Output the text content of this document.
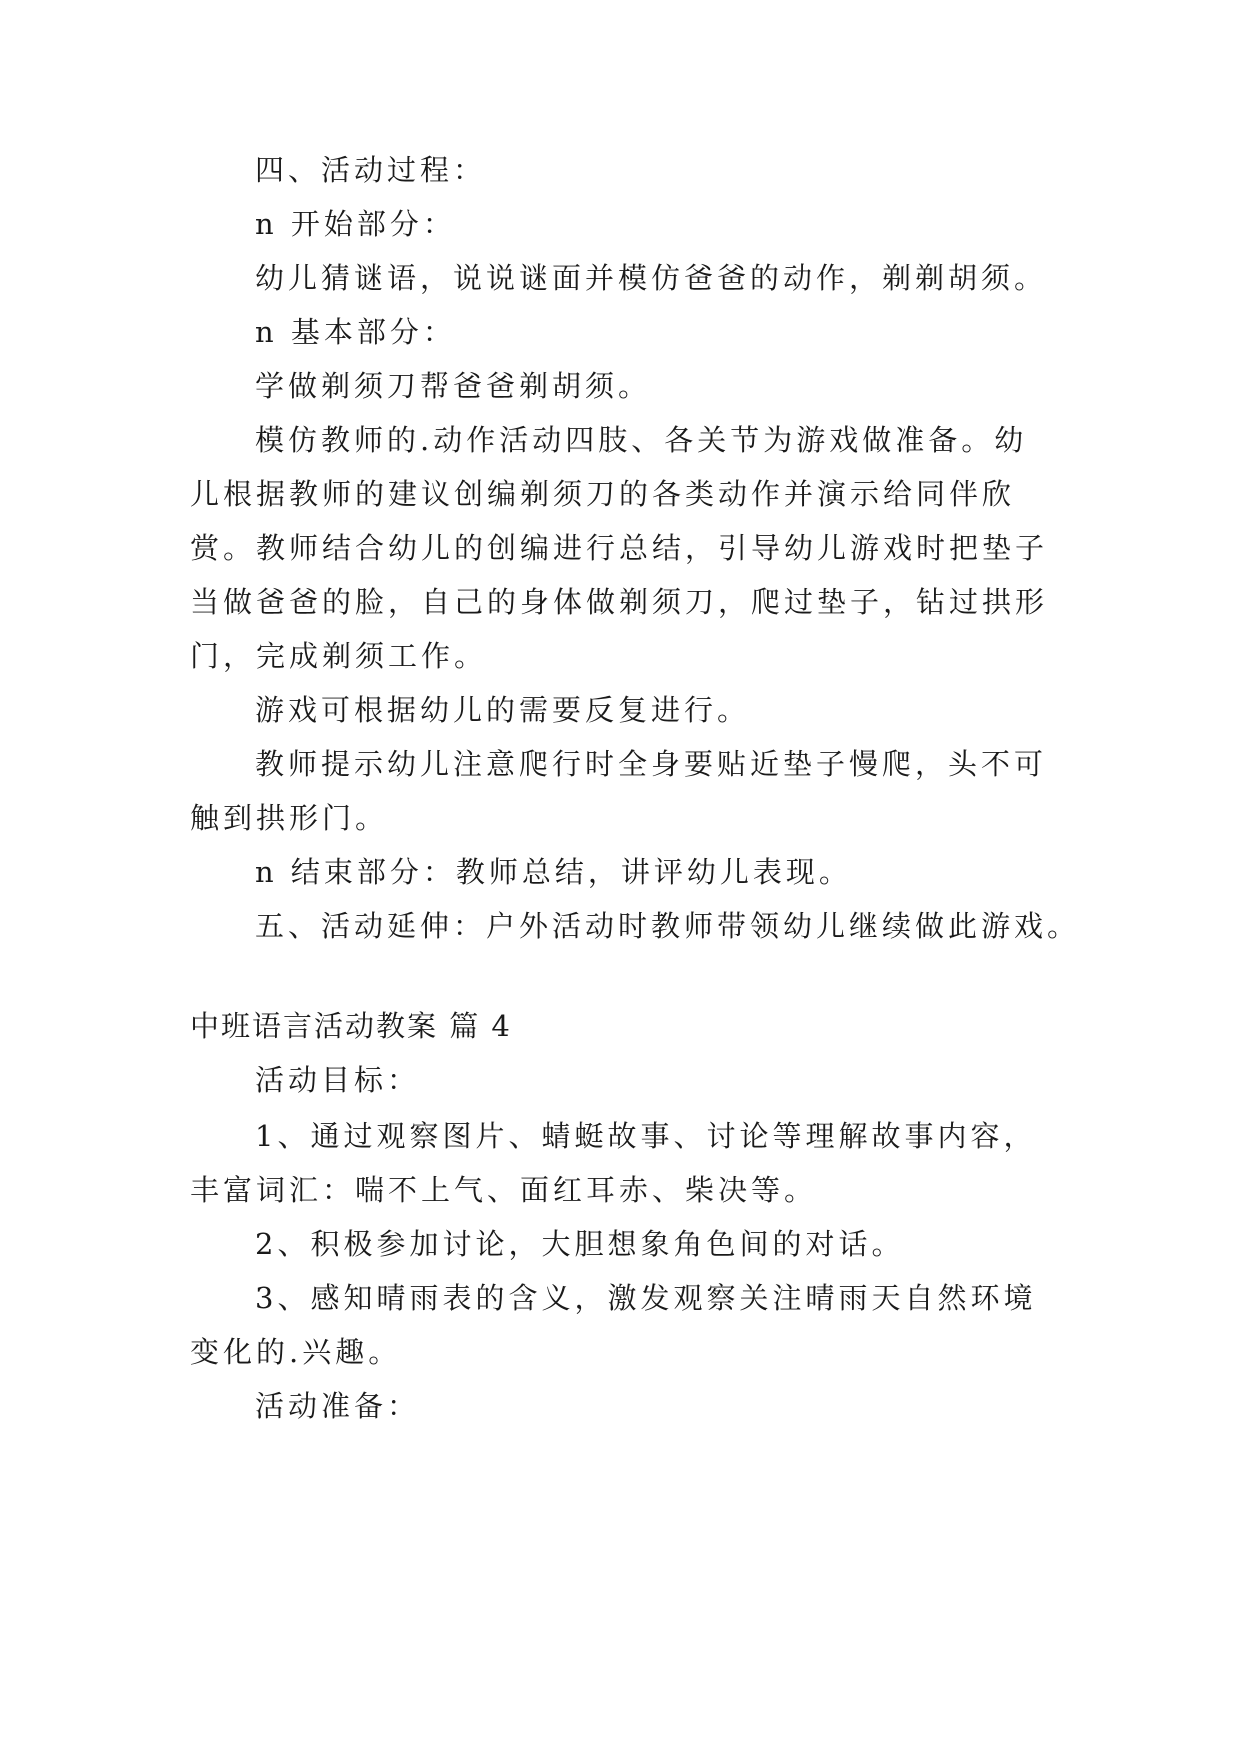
四、活动过程：
n 开始部分：
幼儿猜谜语，说说谜面并模仿爸爸的动作，剃剃胡须。
n 基本部分：
学做剃须刀帮爸爸剃胡须。
模仿教师的.动作活动四肢、各关节为游戏做准备。幼
儿根据教师的建议创编剃须刀的各类动作并演示给同伴欣
赏。教师结合幼儿的创编进行总结，引导幼儿游戏时把垫子
当做爸爸的脸，自己的身体做剃须刀，爬过垫子，钻过拱形
门，完成剃须工作。
游戏可根据幼儿的需要反复进行。
教师提示幼儿注意爬行时全身要贴近垫子慢爬，头不可
触到拱形门。
n 结束部分：教师总结，讲评幼儿表现。
五、活动延伸：户外活动时教师带领幼儿继续做此游戏。
中班语言活动教案 篇 4
活动目标：
1、通过观察图片、蜻蜓故事、讨论等理解故事内容，
丰富词汇：喘不上气、面红耳赤、柴决等。
2、积极参加讨论，大胆想象角色间的对话。
3、感知晴雨表的含义，激发观察关注晴雨天自然环境
变化的.兴趣。
活动准备：
